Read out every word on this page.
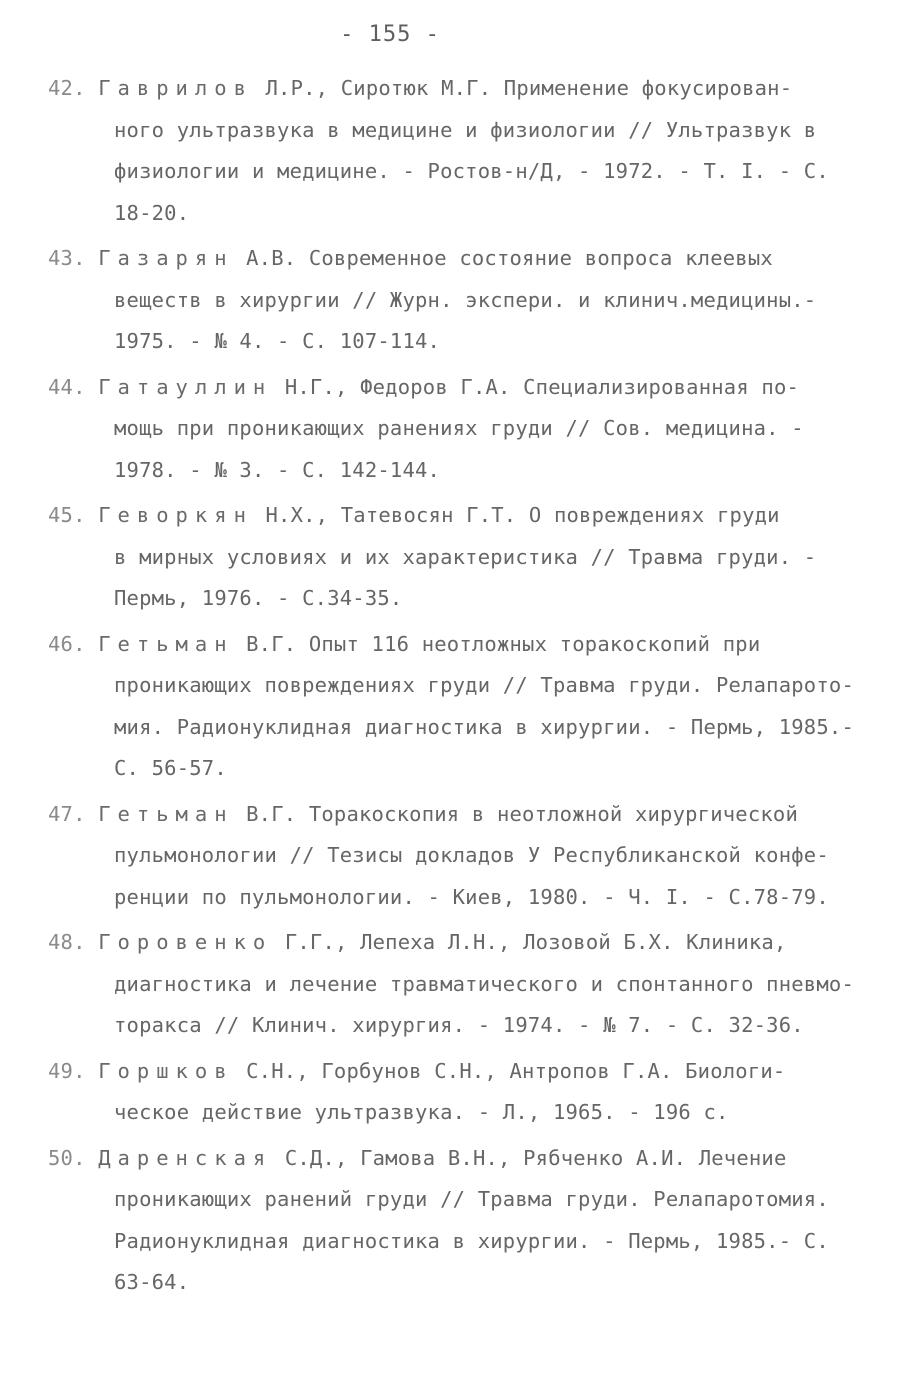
- 155 -
42. Гаврилов Л.Р., Сиротюк М.Г. Применение фокусирован-
ного ультразвука в медицине и физиологии // Ультразвук в
физиологии и медицине. - Ростов-н/Д, - 1972. - Т. I. - С.
18-20.
43. Газарян А.В. Современное состояние вопроса клеевых
веществ в хирургии // Журн. экспери. и клинич.медицины.-
1975. - № 4. - С. 107-114.
44. Гатауллин Н.Г., Федоров Г.А. Специализированная по-
мощь при проникающих ранениях груди // Сов. медицина. -
1978. - № 3. - С. 142-144.
45. Геворкян Н.Х., Татевосян Г.Т. О повреждениях груди
в мирных условиях и их характеристика // Травма груди. -
Пермь, 1976. - С.34-35.
46. Гетьман В.Г. Опыт 116 неотложных торакоскопий при
проникающих повреждениях груди // Травма груди. Релапарото-
мия. Радионуклидная диагностика в хирургии. - Пермь, 1985.-
С. 56-57.
47. Гетьман В.Г. Торакоскопия в неотложной хирургической
пульмонологии // Тезисы докладов У Республиканской конфе-
ренции по пульмонологии. - Киев, 1980. - Ч. I. - С.78-79.
48. Горовенко Г.Г., Лепеха Л.Н., Лозовой Б.Х. Клиника,
диагностика и лечение травматического и спонтанного пневмо-
торакса // Клинич. хирургия. - 1974. - № 7. - С. 32-36.
49. Горшков С.Н., Горбунов С.Н., Антропов Г.А. Биологи-
ческое действие ультразвука. - Л., 1965. - 196 с.
50. Даренская С.Д., Гамова В.Н., Рябченко А.И. Лечение
проникающих ранений груди // Травма груди. Релапаротомия.
Радионуклидная диагностика в хирургии. - Пермь, 1985.- С.
63-64.
